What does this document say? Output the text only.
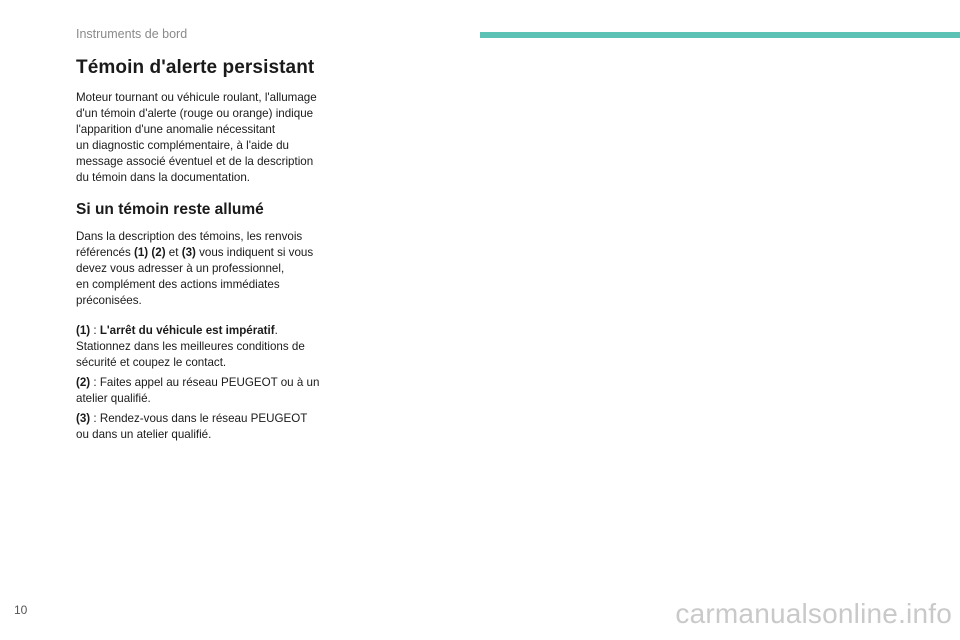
Instruments de bord
Témoin d'alerte persistant

Moteur tournant ou véhicule roulant, l'allumage
d'un témoin d'alerte (rouge ou orange) indique
l'apparition d'une anomalie nécessitant
un diagnostic complémentaire, à l'aide du
message associé éventuel et de la description
du témoin dans la documentation.

Si un témoin reste allumé

Dans la description des témoins, les renvois
référencés (1) (2) et (3) vous indiquent si vous
devez vous adresser à un professionnel,
en complément des actions immédiates
préconisées.

(1) : L'arrêt du véhicule est impératif.
Stationnez dans les meilleures conditions de
sécurité et coupez le contact.

(2) : Faites appel au réseau PEUGEOT ou à un
atelier qualifié.

(3) : Rendez-vous dans le réseau PEUGEOT
ou dans un atelier qualifié.

10	carmanualsonline.info
